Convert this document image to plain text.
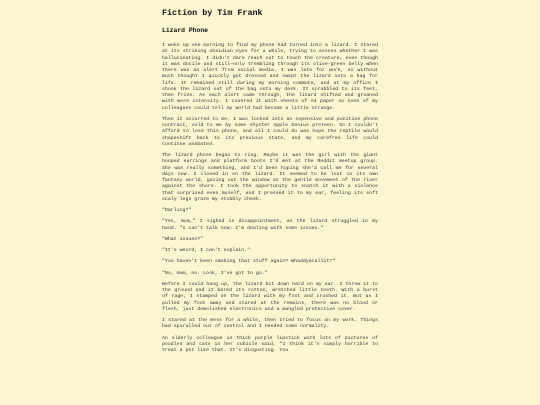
Fiction by Tim Frank
Lizard Phone

I woke up one morning to find my phone had turned into a lizard. I stared at its striking obsidian eyes for a while, trying to assess whether I was hallucinating. I didn't dare reach out to touch the creature, even though it was docile and still—only trembling through its olive-green belly when there was an alert from social media. I was late for work, so without much thought I quickly got dressed and swept the lizard into a bag for life. It remained still during my morning commute, and at my office I shook the lizard out of the bag onto my desk. It scrabbled to its feet, then froze. As each alert came through, the lizard shifted and groaned with more intensity. I covered it with sheets of A4 paper so none of my colleagues could tell my world had become a little strange.

Then it occurred to me, I was locked into an expensive and punitive phone contract, sold to me by some shyster Apple Genius preteen. So I couldn't afford to lose this phone, and all I could do was hope the reptile would shapeshift back to its previous state, and my carefree life could continue unabated.

The lizard phone began to ring. Maybe it was the girl with the giant hooped earrings and platform boots I'd met at the Reddit meetup group. She was really something, and I'd been hoping she'd call me for several days now. I closed in on the lizard. It seemed to be lost in its own fantasy world, gazing out the window at the gentle movement of the river against the shore. I took the opportunity to snatch it with a violence that surprised even myself, and I pressed it to my ear, feeling its soft scaly legs graze my stubbly cheek.

"Darling?"

"Yes, mum," I sighed in disappointment, as the lizard struggled in my hand. "I can't talk now; I'm dealing with some issues."

"What issues?"

"It's weird, I can't explain."

"You haven't been smoking that stuff again? Whaddyacallit?"

"No, mum, no. Look, I've got to go."

Before I could hang up, the lizard bit down hard on my ear. I threw it to the ground and it bared its rotten, wretched little teeth. With a burst of rage, I stamped on the lizard with my foot and crushed it. But as I pulled my foot away and stared at the remains, there was no blood or flesh, just demolished electronics and a mangled protective cover.

I stared at the mess for a while, then tried to focus on my work. Things had spiralled out of control and I needed some normality.

An elderly colleague in thick purple lipstick with lots of pictures of poodles and cats in her cubicle said, "I think it's simply horrible to treat a pet like that. It's disgusting. You
